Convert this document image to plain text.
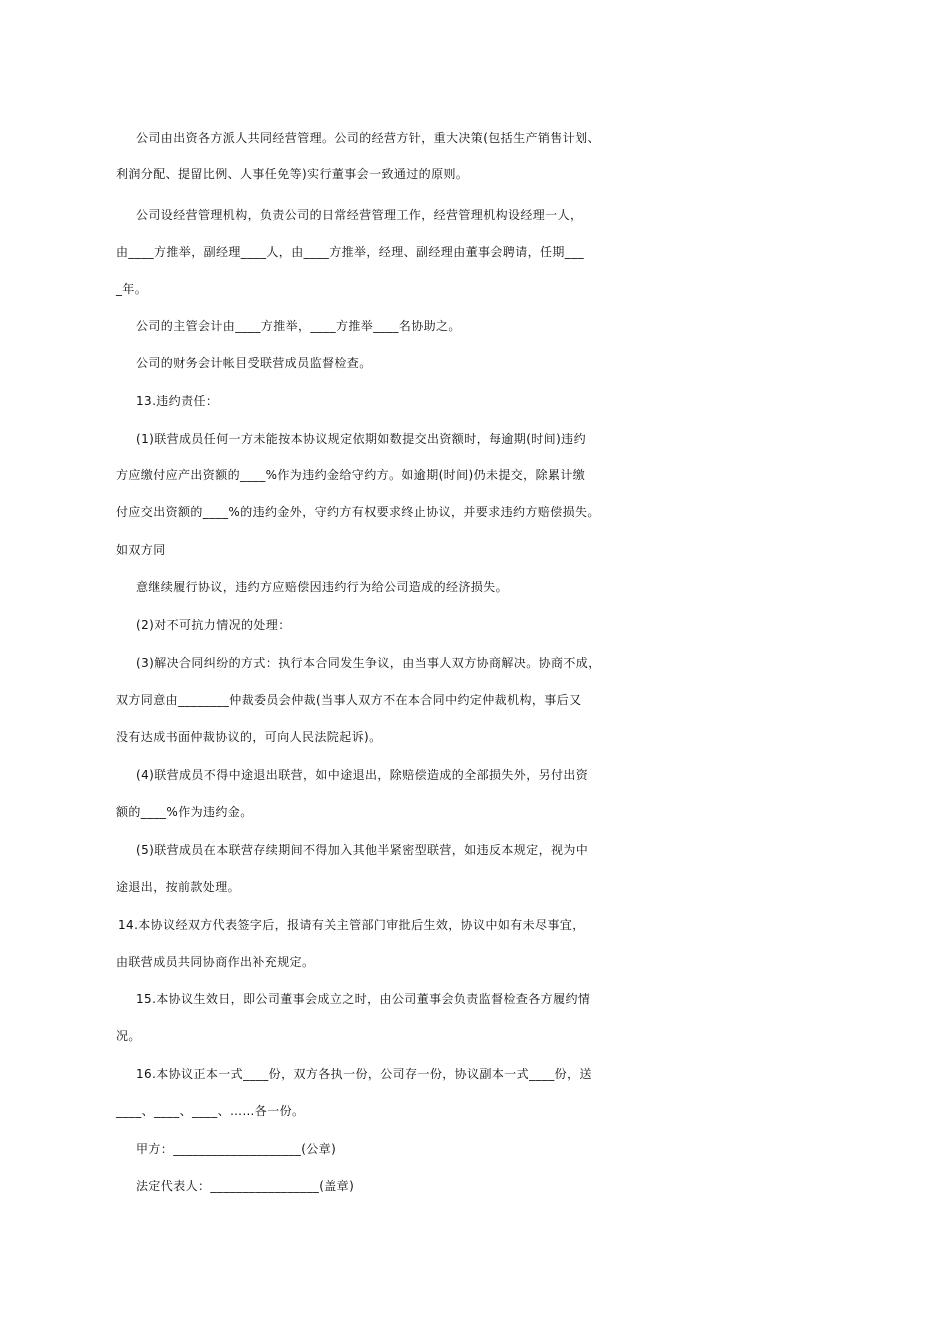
公司由出资各方派人共同经营管理。公司的经营方针，重大决策(包括生产销售计划、

利润分配、提留比例、人事任免等)实行董事会一致通过的原则。

公司设经营管理机构，负责公司的日常经营管理工作，经营管理机构设经理一人，

由____方推举，副经理____人，由____方推举，经理、副经理由董事会聘请，任期___

_年。

公司的主管会计由____方推举，____方推举____名协助之。

公司的财务会计帐目受联营成员监督检查。

13.违约责任：

(1)联营成员任何一方未能按本协议规定依期如数提交出资额时，每逾期(时间)违约

方应缴付应产出资额的____%作为违约金给守约方。如逾期(时间)仍未提交，除累计缴

付应交出资额的____%的违约金外，守约方有权要求终止协议，并要求违约方赔偿损失。

如双方同

意继续履行协议，违约方应赔偿因违约行为给公司造成的经济损失。

(2)对不可抗力情况的处理：

(3)解决合同纠纷的方式：执行本合同发生争议，由当事人双方协商解决。协商不成，

双方同意由________仲裁委员会仲裁(当事人双方不在本合同中约定仲裁机构，事后又

没有达成书面仲裁协议的，可向人民法院起诉)。

(4)联营成员不得中途退出联营，如中途退出，除赔偿造成的全部损失外，另付出资

额的____%作为违约金。

(5)联营成员在本联营存续期间不得加入其他半紧密型联营，如违反本规定，视为中

途退出，按前款处理。

14.本协议经双方代表签字后，报请有关主管部门审批后生效，协议中如有未尽事宜，

由联营成员共同协商作出补充规定。

15.本协议生效日，即公司董事会成立之时，由公司董事会负责监督检查各方履约情

况。

16.本协议正本一式____份，双方各执一份，公司存一份，协议副本一式____份，送

____、____、____、……各一份。

甲方：____________________(公章)

法定代表人：_________________(盖章)
